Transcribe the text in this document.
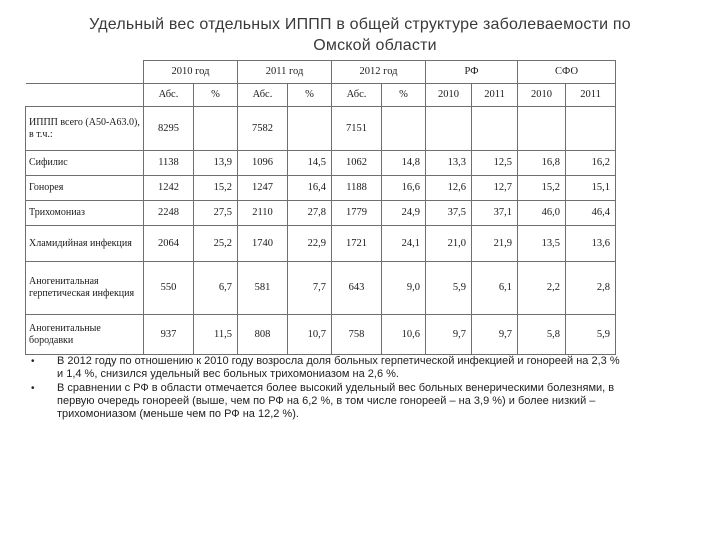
Удельный вес отдельных ИППП в общей структуре заболеваемости по
Омской области
	2010 год		2011 год		2012 год		РФ		СФО	
	Абс.	%	Абс.	%	Абс.	%	2010	2011	2010	2011
ИППП всего (А50-А63.0), в т.ч.:	8295		7582		7151					
Сифилис	1138	13,9	1096	14,5	1062	14,8	13,3	12,5	16,8	16,2
Гонорея	1242	15,2	1247	16,4	1188	16,6	12,6	12,7	15,2	15,1
Трихомониаз	2248	27,5	2110	27,8	1779	24,9	37,5	37,1	46,0	46,4
Хламидийная инфекция	2064	25,2	1740	22,9	1721	24,1	21,0	21,9	13,5	13,6
Аногенитальная герпетическая инфекция	550	6,7	581	7,7	643	9,0	5,9	6,1	2,2	2,8
Аногенитальные бородавки	937	11,5	808	10,7	758	10,6	9,7	9,7	5,8	5,9
• В 2012 году по отношению к 2010 году возросла доля больных герпетической инфекцией и гонореей на 2,3 % и 1,4 %, снизился удельный вес больных трихомониазом на 2,6 %.
• В сравнении с РФ в области отмечается более высокий удельный вес больных венерическими болезнями, в первую очередь гонореей (выше, чем по РФ на 6,2 %, в том числе гонореей – на 3,9 %) и более низкий – трихомониазом (меньше чем по РФ на 12,2 %).
